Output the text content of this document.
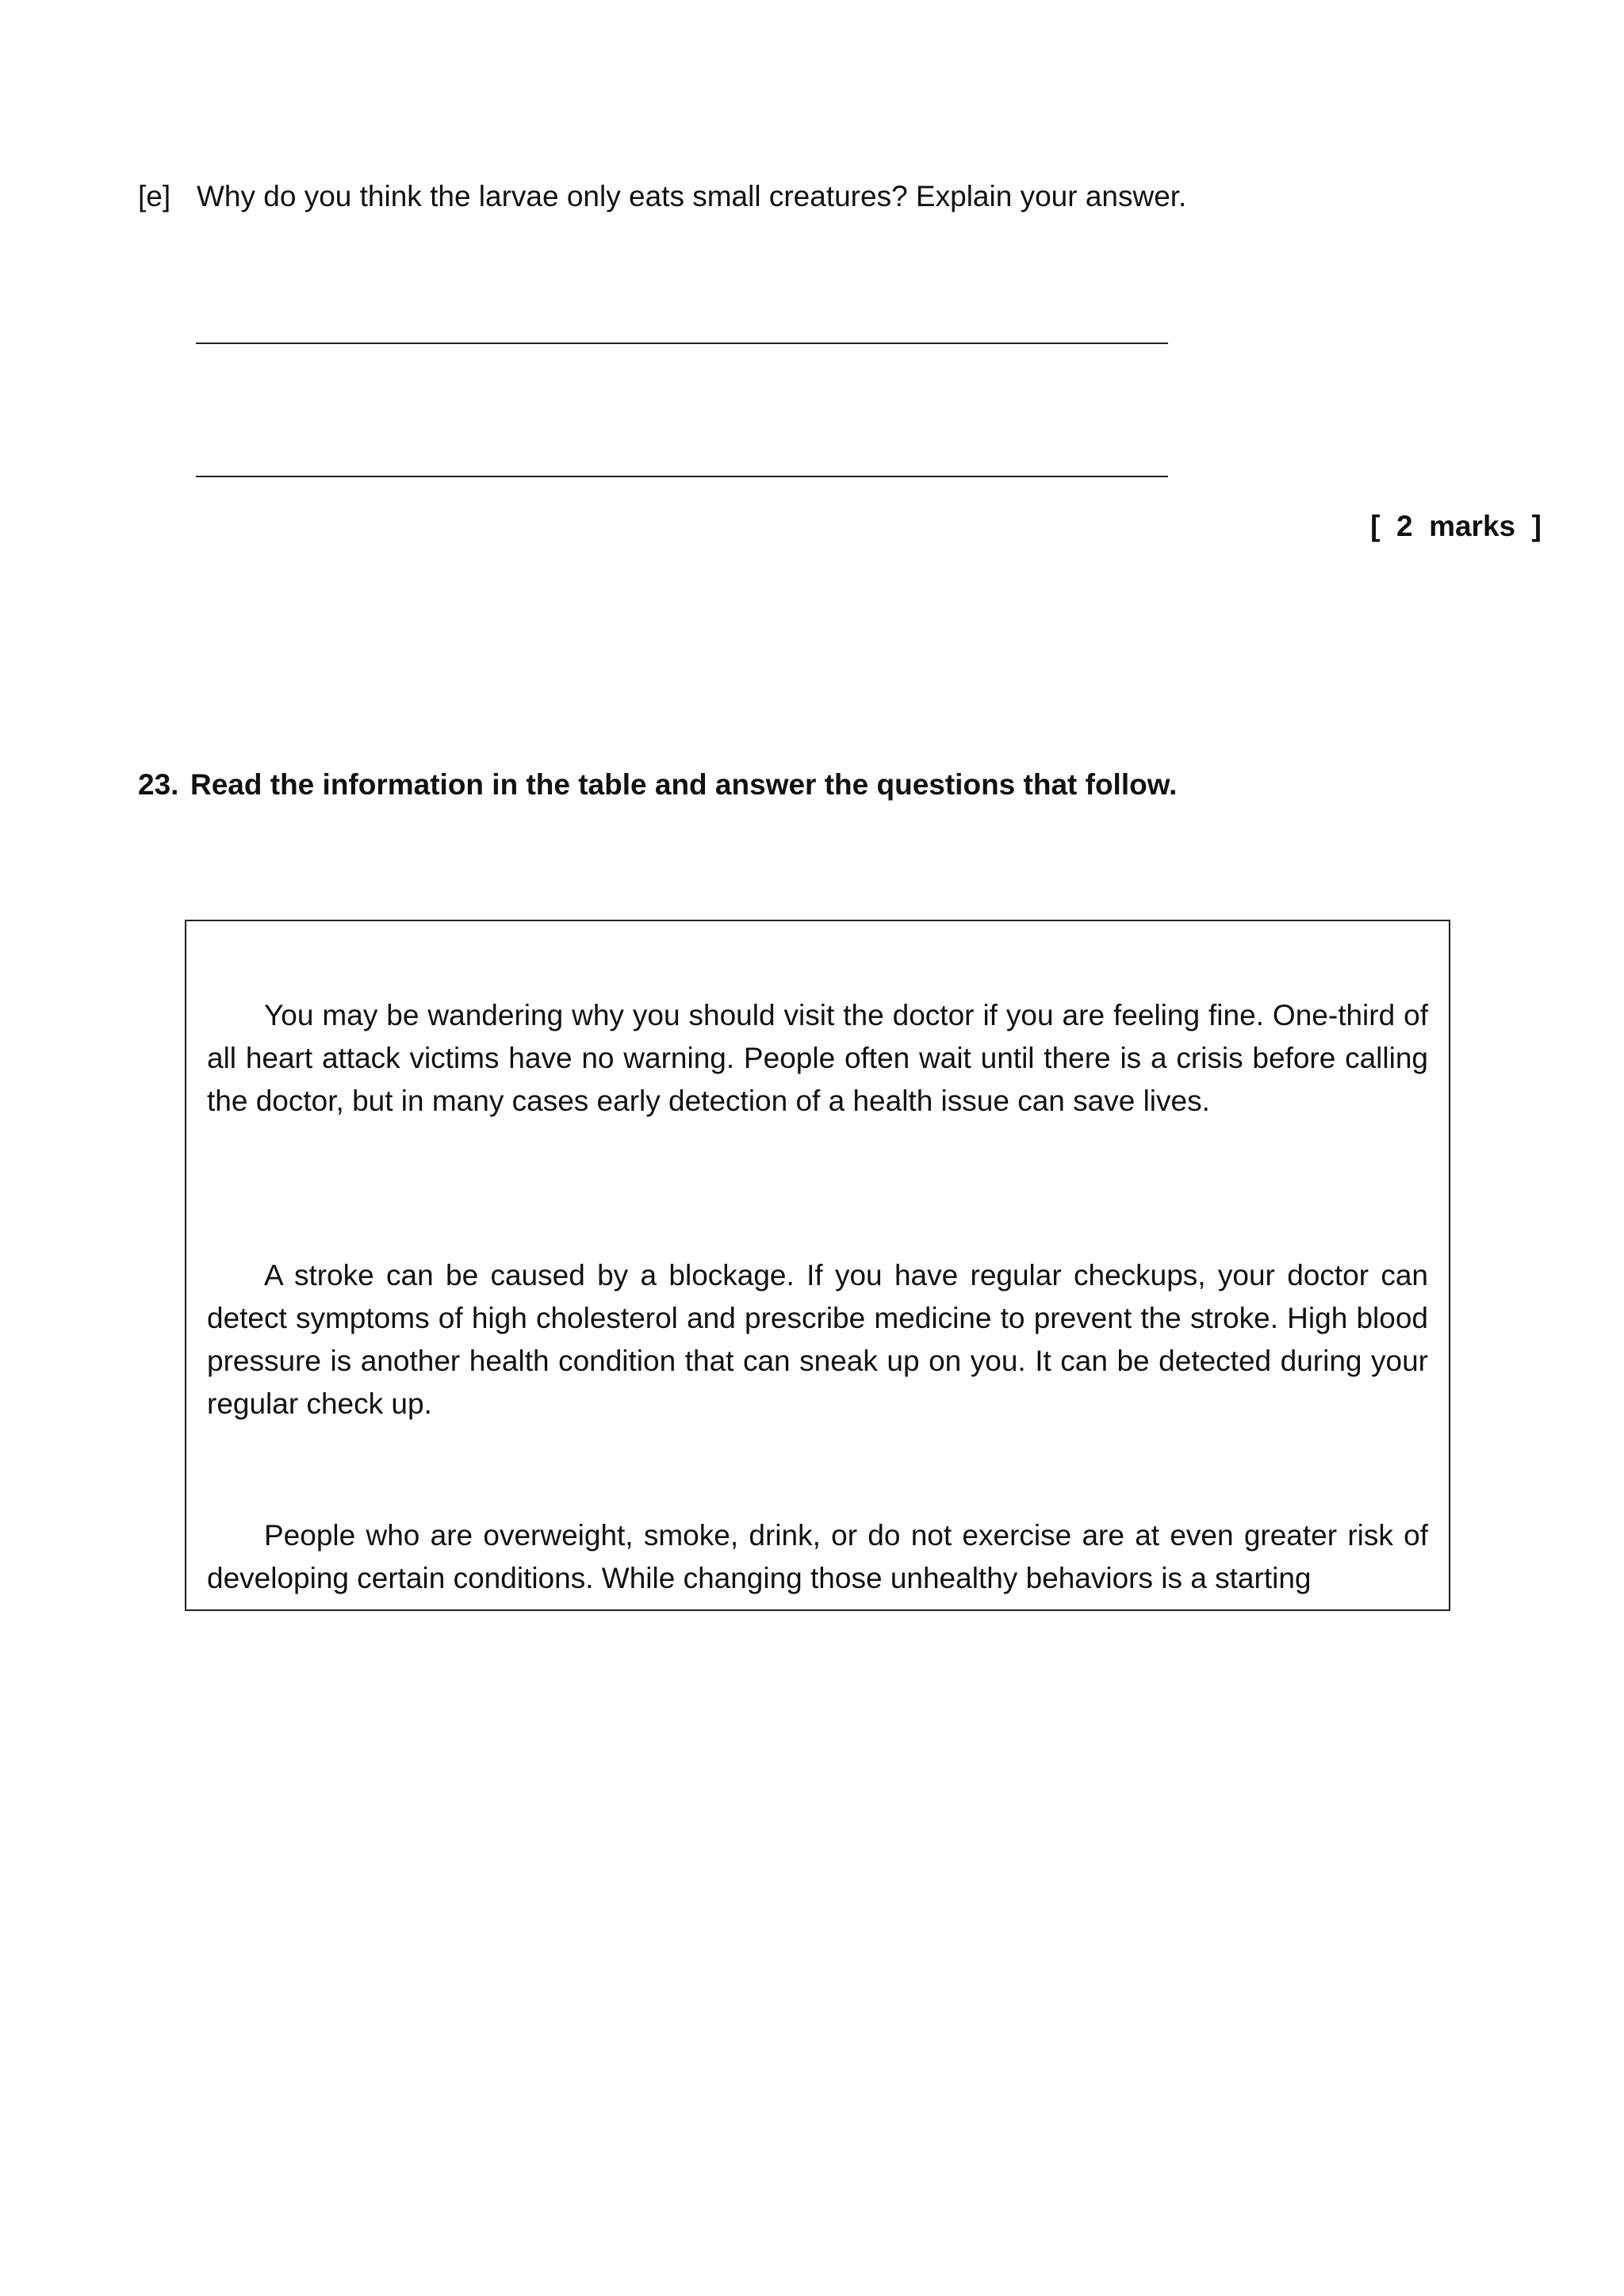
[e] Why do you think the larvae only eats small creatures? Explain your answer.
[  2  marks  ]
23. Read the information in the table and answer the questions that follow.

You may be wandering why you should visit the doctor if you are feeling fine. One-third of all heart attack victims have no warning. People often wait until there is a crisis before calling the doctor, but in many cases early detection of a health issue can save lives.

A stroke can be caused by a blockage. If you have regular checkups, your doctor can detect symptoms of high cholesterol and prescribe medicine to prevent the stroke. High blood pressure is another health condition that can sneak up on you. It can be detected during your regular check up.

People who are overweight, smoke, drink, or do not exercise are at even greater risk of developing certain conditions. While changing those unhealthy behaviors is a starting
